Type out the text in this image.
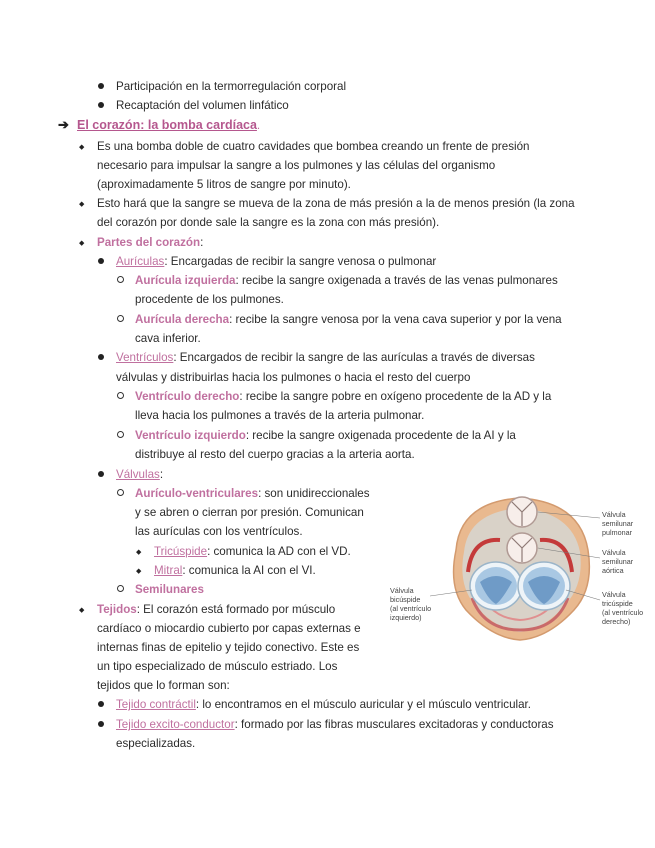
Participación en la termorregulación corporal
Recaptación del volumen linfático
➔ El corazón: la bomba cardíaca.
◆
Es una bomba doble de cuatro cavidades que bombea creando un frente de presión
necesario para impulsar la sangre a los pulmones y las células del organismo
(aproximadamente 5 litros de sangre por minuto).
◆
Esto hará que la sangre se mueva de la zona de más presión a la de menos presión (la zona
del corazón por donde sale la sangre es la zona con más presión).
◆
Partes del corazón:
Aurículas: Encargadas de recibir la sangre venosa o pulmonar
Aurícula izquierda: recibe la sangre oxigenada a través de las venas pulmonares
procedente de los pulmones.
Aurícula derecha: recibe la sangre venosa por la vena cava superior y por la vena
cava inferior.
Ventrículos: Encargados de recibir la sangre de las aurículas a través de diversas
válvulas y distribuirlas hacia los pulmones o hacia el resto del cuerpo
Ventrículo derecho: recibe la sangre pobre en oxígeno procedente de la AD y la
lleva hacia los pulmones a través de la arteria pulmonar.
Ventrículo izquierdo: recibe la sangre oxigenada procedente de la AI y la
distribuye al resto del cuerpo gracias a la arteria aorta.
Válvulas:
Aurículo-ventriculares: son unidireccionales
y se abren o cierran por presión. Comunican
las aurículas con los ventrículos.
◆
Tricúspide: comunica la AD con el VD.
◆
Mitral: comunica la AI con el VI.
Semilunares
◆
Tejidos: El corazón está formado por músculo
cardíaco o miocardio cubierto por capas externas e
internas finas de epitelio y tejido conectivo. Este es
un tipo especializado de músculo estriado. Los
tejidos que lo forman son:
Tejido contráctil: lo encontramos en el músculo auricular y el músculo ventricular.
Tejido excito-conductor: formado por las fibras musculares excitadoras y conductoras
especializadas.
Válvula
semilunar
pulmonar
Válvula
semilunar
aórtica
Válvula
bicúspide
(al ventrículo
izquierdo)
Válvula
tricúspide
(al ventrículo
derecho)
